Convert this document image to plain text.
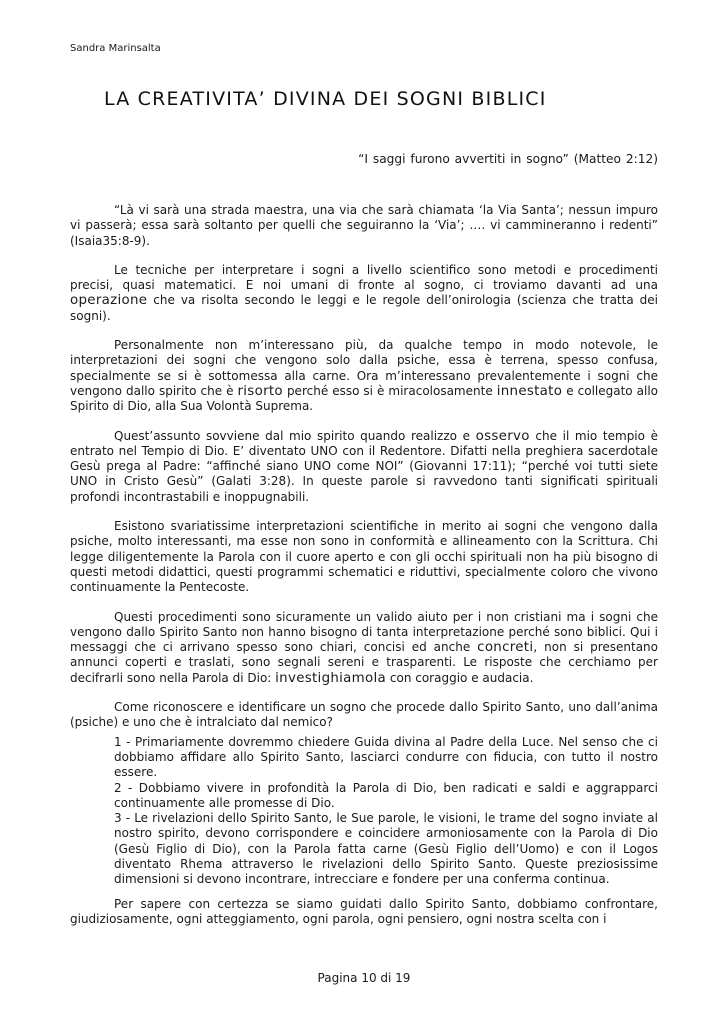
Sandra Marinsalta
LA CREATIVITA’ DIVINA DEI SOGNI BIBLICI
“I saggi furono avvertiti in sogno” (Matteo 2:12)

“Là vi sarà una strada maestra, una via che sarà chiamata ‘la Via Santa’; nessun impuro vi passerà; essa sarà soltanto per quelli che seguiranno la ‘Via’; …. vi cammineranno i redenti” (Isaia35:8-9).

Le tecniche per interpretare i sogni a livello scientifico sono metodi e procedimenti precisi, quasi matematici. E noi umani di fronte al sogno, ci troviamo davanti ad una operazione che va risolta secondo le leggi e le regole dell’onirologia (scienza che tratta dei sogni).

Personalmente non m’interessano più, da qualche tempo in modo notevole, le interpretazioni dei sogni che vengono solo dalla psiche, essa è terrena, spesso confusa, specialmente se si è sottomessa alla carne. Ora m’interessano prevalentemente i sogni che vengono dallo spirito che è risorto perché esso si è miracolosamente innestato e collegato allo Spirito di Dio, alla Sua Volontà Suprema.

Quest’assunto sovviene dal mio spirito quando realizzo e osservo che il mio tempio è entrato nel Tempio di Dio. E’ diventato UNO con il Redentore. Difatti nella preghiera sacerdotale Gesù prega al Padre: “affinché siano UNO come NOI” (Giovanni 17:11); “perché voi tutti siete UNO in Cristo Gesù” (Galati 3:28). In queste parole si ravvedono tanti significati spirituali profondi incontrastabili e inoppugnabili.

Esistono svariatissime interpretazioni scientifiche in merito ai sogni che vengono dalla psiche, molto interessanti, ma esse non sono in conformità e allineamento con la Scrittura. Chi legge diligentemente la Parola con il cuore aperto e con gli occhi spirituali non ha più bisogno di questi metodi didattici, questi programmi schematici e riduttivi, specialmente coloro che vivono continuamente la Pentecoste.

Questi procedimenti sono sicuramente un valido aiuto per i non cristiani ma i sogni che vengono dallo Spirito Santo non hanno bisogno di tanta interpretazione perché sono biblici. Qui i messaggi che ci arrivano spesso sono chiari, concisi ed anche concreti, non si presentano annunci coperti e traslati, sono segnali sereni e trasparenti. Le risposte che cerchiamo per decifrarli sono nella Parola di Dio: investighiamola con coraggio e audacia.

Come riconoscere e identificare un sogno che procede dallo Spirito Santo, uno dall’anima (psiche) e uno che è intralciato dal nemico?

1 - Primariamente dovremmo chiedere Guida divina al Padre della Luce. Nel senso che ci dobbiamo affidare allo Spirito Santo, lasciarci condurre con fiducia, con tutto il nostro essere.

2 - Dobbiamo vivere in profondità la Parola di Dio, ben radicati e saldi e aggrapparci continuamente alle promesse di Dio.

3 - Le rivelazioni dello Spirito Santo, le Sue parole, le visioni, le trame del sogno inviate al nostro spirito, devono corrispondere e coincidere armoniosamente con la Parola di Dio (Gesù Figlio di Dio), con la Parola fatta carne (Gesù Figlio dell’Uomo) e con il Logos diventato Rhema attraverso le rivelazioni dello Spirito Santo. Queste preziosissime dimensioni si devono incontrare, intrecciare e fondere per una conferma continua.

Per sapere con certezza se siamo guidati dallo Spirito Santo, dobbiamo confrontare, giudiziosamente, ogni atteggiamento, ogni parola, ogni pensiero, ogni nostra scelta con i

Pagina 10 di 19
